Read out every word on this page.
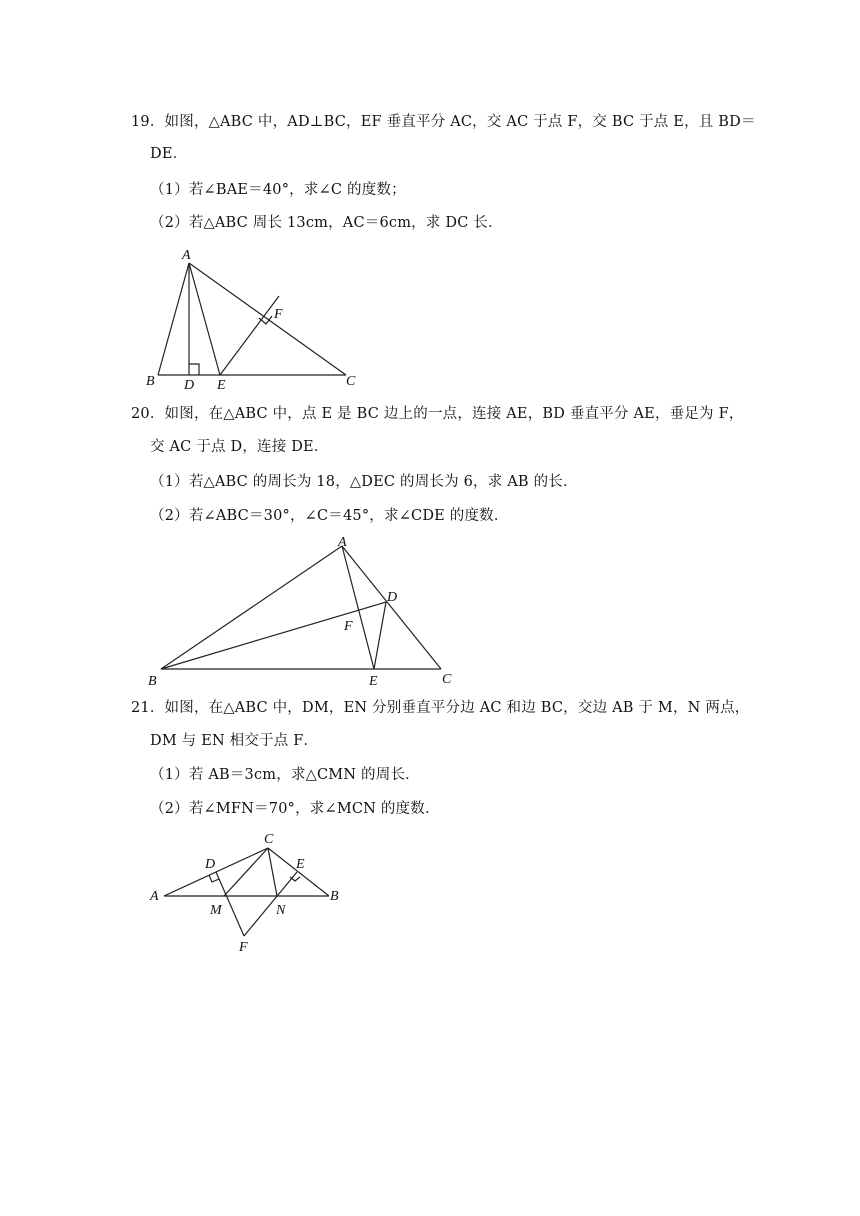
19．如图，△ABC 中，AD⊥BC，EF 垂直平分 AC，交 AC 于点 F，交 BC 于点 E，且 BD＝
DE．
（1）若∠BAE＝40°，求∠C 的度数；
（2）若△ABC 周长 13cm，AC＝6cm，求 DC 长．
A
B D E	C
F
20．如图，在△ABC 中，点 E 是 BC 边上的一点，连接 AE，BD 垂直平分 AE，垂足为 F，
交 AC 于点 D，连接 DE．
（1）若△ABC 的周长为 18，△DEC 的周长为 6，求 AB 的长．
（2）若∠ABC＝30°，∠C＝45°，求∠CDE 的度数．
A
B	C
D
E
F
21．如图，在△ABC 中，DM，EN 分别垂直平分边 AC 和边 BC，交边 AB 于 M，N 两点，
DM 与 EN 相交于点 F．
（1）若 AB＝3cm，求△CMN 的周长．
（2）若∠MFN＝70°，求∠MCN 的度数．
C
D	E
A	B
M	N
F
